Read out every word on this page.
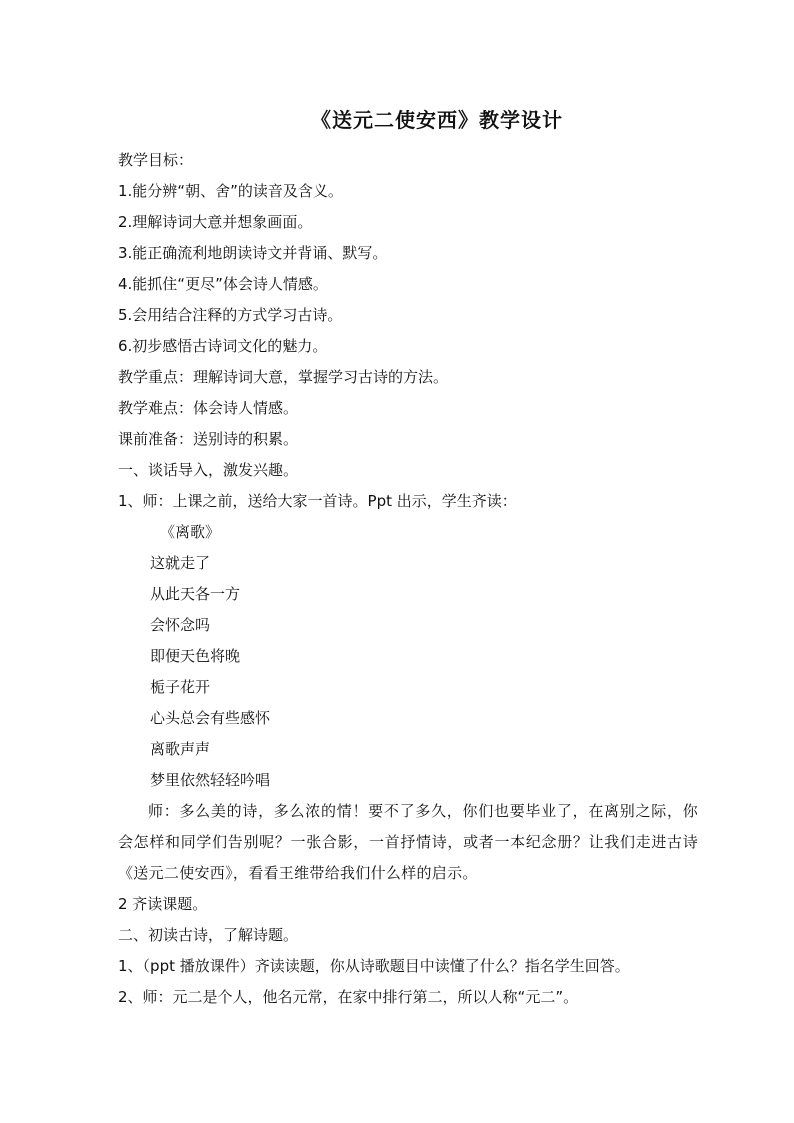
《送元二使安西》教学设计
教学目标：
1.能分辨“朝、舍”的读音及含义。
2.理解诗词大意并想象画面。
3.能正确流利地朗读诗文并背诵、默写。
4.能抓住“更尽”体会诗人情感。
5.会用结合注释的方式学习古诗。
6.初步感悟古诗词文化的魅力。
教学重点：理解诗词大意，掌握学习古诗的方法。
教学难点：体会诗人情感。
课前准备：送别诗的积累。
一、谈话导入，激发兴趣。
1、师：上课之前，送给大家一首诗。Ppt 出示，学生齐读：
《离歌》
这就走了
从此天各一方
会怀念吗
即便天色将晚
栀子花开
心头总会有些感怀
离歌声声
梦里依然轻轻吟唱
师：多么美的诗，多么浓的情！要不了多久，你们也要毕业了，在离别之际，你会怎样和同学们告别呢？一张合影，一首抒情诗，或者一本纪念册？让我们走进古诗《送元二使安西》，看看王维带给我们什么样的启示。
2 齐读课题。
二、初读古诗，了解诗题。
1、（ppt 播放课件）齐读读题，你从诗歌题目中读懂了什么？指名学生回答。
2、师：元二是个人，他名元常，在家中排行第二，所以人称“元二”。
